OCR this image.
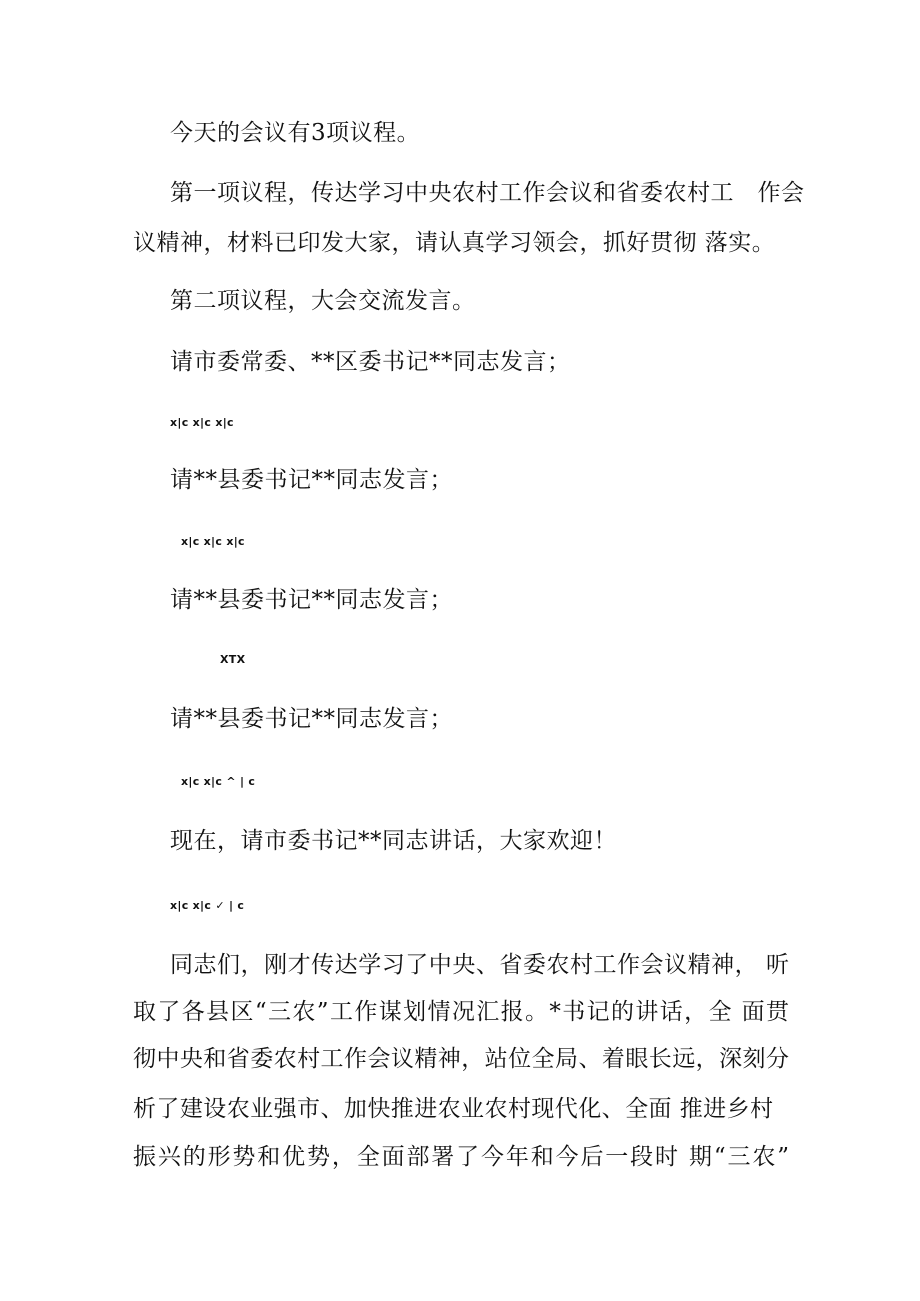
今天的会议有3项议程。
第一项议程，传达学习中央农村工作会议和省委农村工　作会
议精神，材料已印发大家，请认真学习领会，抓好贯彻 落实。
第二项议程，大会交流发言。
请市委常委、**区委书记**同志发言；
x|c x|c x|c
请**县委书记**同志发言；
x|c x|c x|c
请**县委书记**同志发言；
XTX
请**县委书记**同志发言；
x|c x|c ^ | c
现在，请市委书记**同志讲话，大家欢迎！
x|c x|c ✓ | c
同志们，刚才传达学习了中央、省委农村工作会议精神， 听
取了各县区“三农”工作谋划情况汇报。*书记的讲话，全 面贯
彻中央和省委农村工作会议精神，站位全局、着眼长远，深刻分
析了建设农业强市、加快推进农业农村现代化、全面 推进乡村
振兴的形势和优势，全面部署了今年和今后一段时 期“三农”
